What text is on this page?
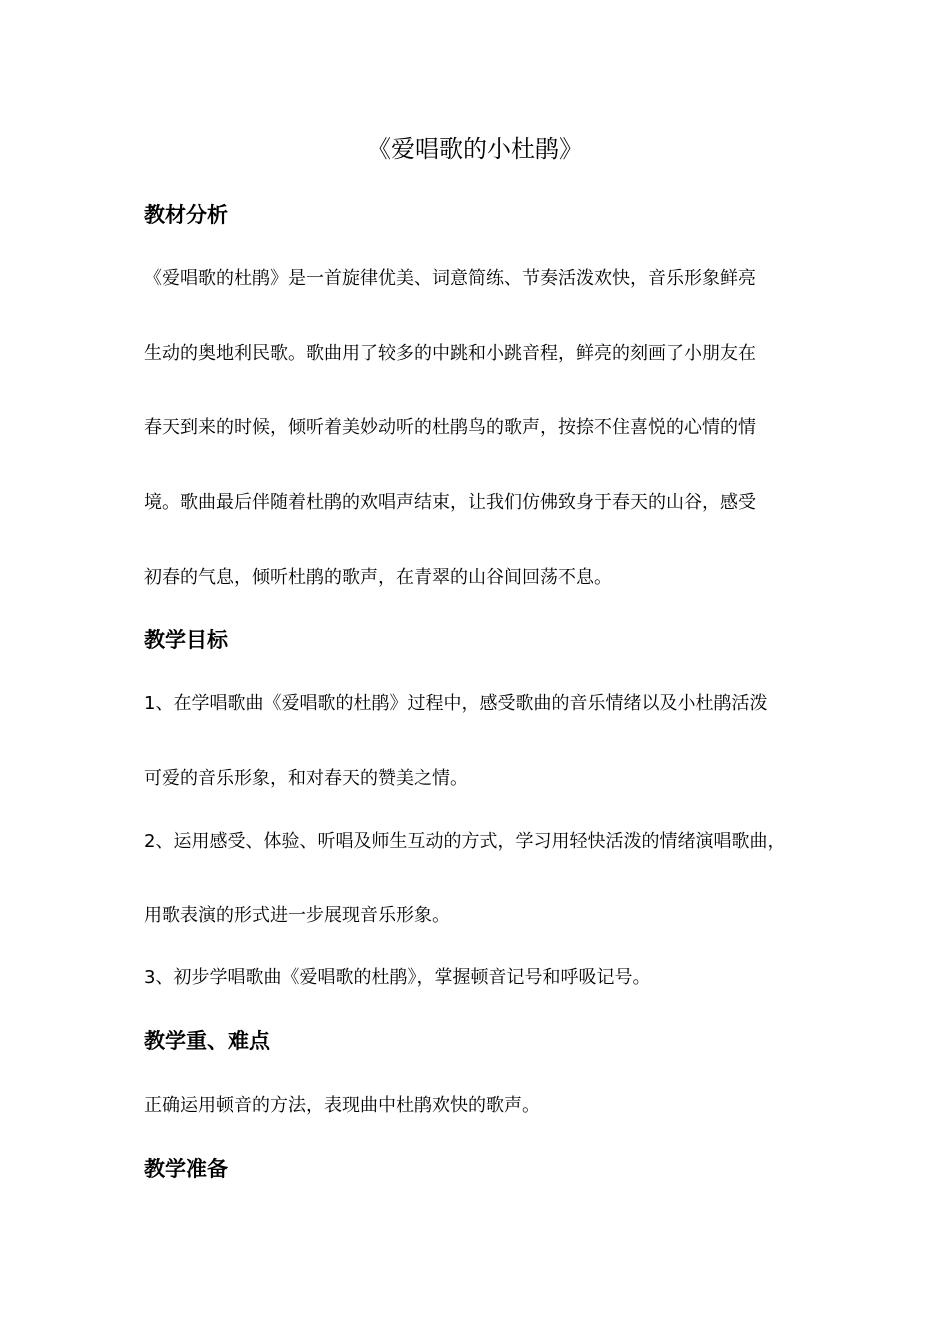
《爱唱歌的小杜鹃》
教材分析
《爱唱歌的杜鹃》是一首旋律优美、词意简练、节奏活泼欢快，音乐形象鲜亮
生动的奥地利民歌。歌曲用了较多的中跳和小跳音程，鲜亮的刻画了小朋友在
春天到来的时候，倾听着美妙动听的杜鹃鸟的歌声，按捺不住喜悦的心情的情
境。歌曲最后伴随着杜鹃的欢唱声结束，让我们仿佛致身于春天的山谷，感受
初春的气息，倾听杜鹃的歌声，在青翠的山谷间回荡不息。
教学目标
1、在学唱歌曲《爱唱歌的杜鹃》过程中，感受歌曲的音乐情绪以及小杜鹃活泼
可爱的音乐形象，和对春天的赞美之情。
2、运用感受、体验、听唱及师生互动的方式，学习用轻快活泼的情绪演唱歌曲，
用歌表演的形式进一步展现音乐形象。
3、初步学唱歌曲《爱唱歌的杜鹃》，掌握顿音记号和呼吸记号。
教学重、难点
正确运用顿音的方法，表现曲中杜鹃欢快的歌声。
教学准备
